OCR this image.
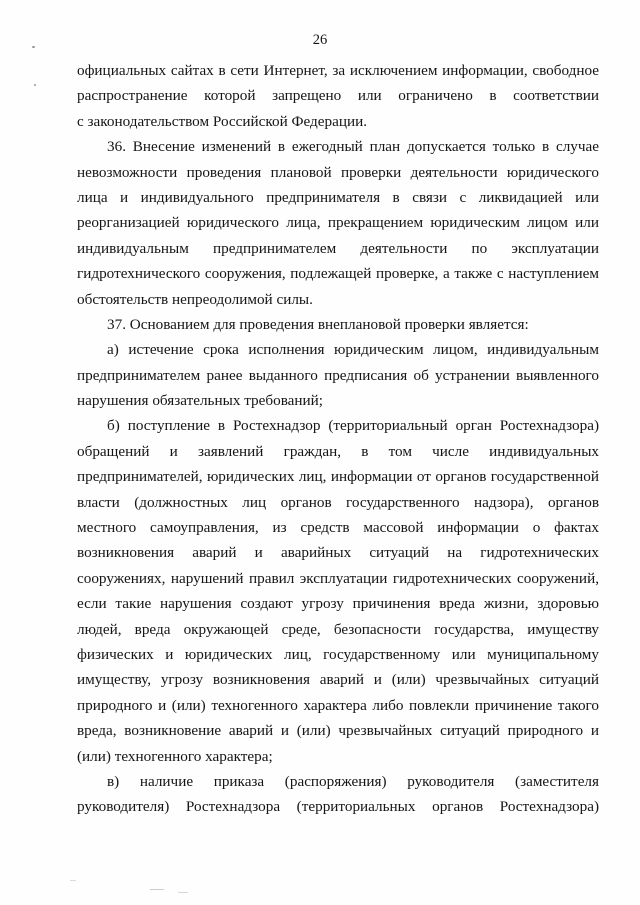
26
официальных сайтах в сети Интернет, за исключением информации, свободное
распространение которой запрещено или ограничено в соответствии
с законодательством Российской Федерации.
36. Внесение изменений в ежегодный план допускается только в случае
невозможности проведения плановой проверки деятельности юридического
лица и индивидуального предпринимателя в связи с ликвидацией или
реорганизацией юридического лица, прекращением юридическим лицом или
индивидуальным предпринимателем деятельности по эксплуатации
гидротехнического сооружения, подлежащей проверке, а также с наступлением
обстоятельств непреодолимой силы.
37. Основанием для проведения внеплановой проверки является:
а) истечение срока исполнения юридическим лицом, индивидуальным
предпринимателем ранее выданного предписания об устранении выявленного
нарушения обязательных требований;
б) поступление в Ростехнадзор (территориальный орган Ростехнадзора)
обращений и заявлений граждан, в том числе индивидуальных
предпринимателей, юридических лиц, информации от органов государственной
власти (должностных лиц органов государственного надзора), органов
местного самоуправления, из средств массовой информации о фактах
возникновения аварий и аварийных ситуаций на гидротехнических
сооружениях, нарушений правил эксплуатации гидротехнических сооружений,
если такие нарушения создают угрозу причинения вреда жизни, здоровью
людей, вреда окружающей среде, безопасности государства, имуществу
физических и юридических лиц, государственному или муниципальному
имуществу, угрозу возникновения аварий и (или) чрезвычайных ситуаций
природного и (или) техногенного характера либо повлекли причинение такого
вреда, возникновение аварий и (или) чрезвычайных ситуаций природного и
(или) техногенного характера;
в) наличие приказа (распоряжения) руководителя (заместителя
руководителя) Ростехнадзора (территориальных органов Ростехнадзора)
